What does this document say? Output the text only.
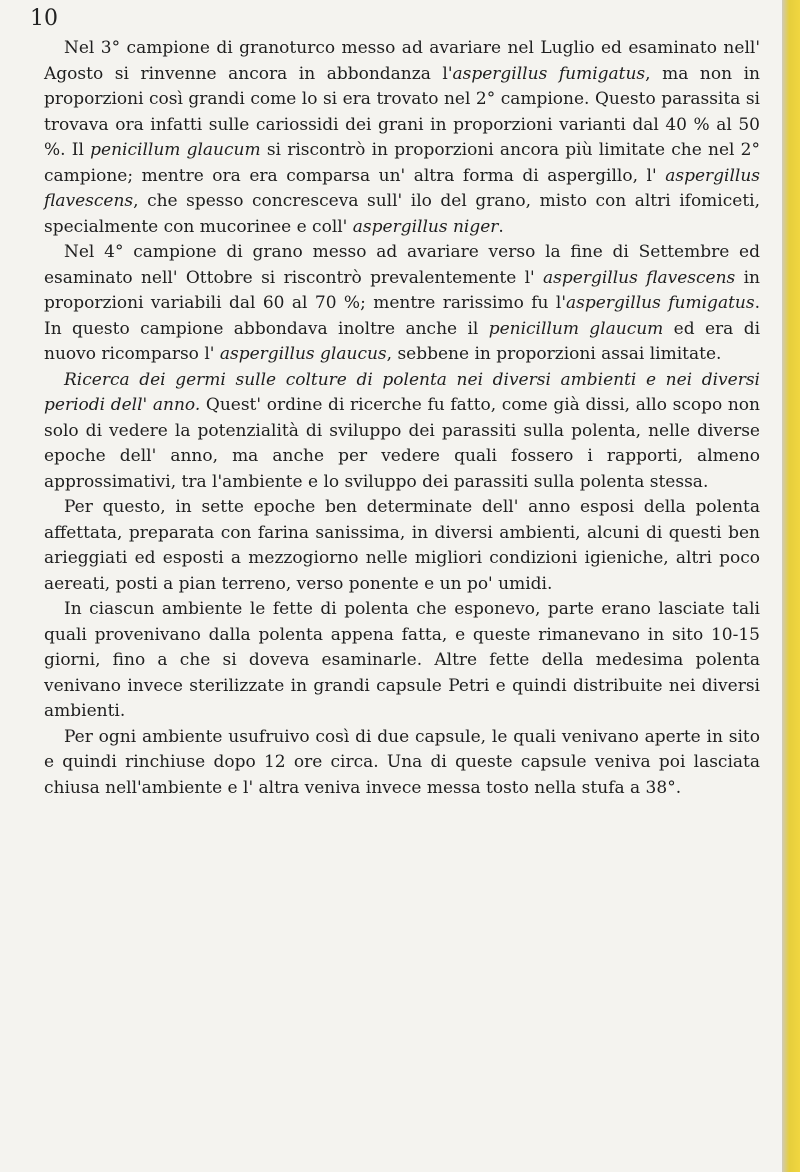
10

Nel 3° campione di granoturco messo ad avariare nel Luglio ed esaminato nell' Agosto si rinvenne ancora in abbondanza l'aspergillus fumigatus, ma non in proporzioni così grandi come lo si era trovato nel 2° campione. Questo parassita si trovava ora infatti sulle cariossidi dei grani in proporzioni varianti dal 40 % al 50 %. Il penicillum glaucum si riscontrò in proporzioni ancora più limitate che nel 2° campione; mentre ora era comparsa un' altra forma di aspergillo, l' aspergillus flavescens, che spesso concresceva sull' ilo del grano, misto con altri ifomiceti, specialmente con mucorinee e coll' aspergillus niger.

Nel 4° campione di grano messo ad avariare verso la fine di Settembre ed esaminato nell' Ottobre si riscontrò prevalentemente l' aspergillus flavescens in proporzioni variabili dal 60 al 70 %; mentre rarissimo fu l'aspergillus fumigatus. In questo campione abbondava inoltre anche il penicillum glaucum ed era di nuovo ricomparso l' aspergillus glaucus, sebbene in proporzioni assai limitate.

Ricerca dei germi sulle colture di polenta nei diversi ambienti e nei diversi periodi dell' anno. Quest' ordine di ricerche fu fatto, come già dissi, allo scopo non solo di vedere la potenzialità di sviluppo dei parassiti sulla polenta, nelle diverse epoche dell' anno, ma anche per vedere quali fossero i rapporti, almeno approssimativi, tra l'ambiente e lo sviluppo dei parassiti sulla polenta stessa.

Per questo, in sette epoche ben determinate dell' anno esposi della polenta affettata, preparata con farina sanissima, in diversi ambienti, alcuni di questi ben arieggiati ed esposti a mezzogiorno nelle migliori condizioni igieniche, altri poco aereati, posti a pian terreno, verso ponente e un po' umidi.

In ciascun ambiente le fette di polenta che esponevo, parte erano lasciate tali quali provenivano dalla polenta appena fatta, e queste rimanevano in sito 10-15 giorni, fino a che si doveva esaminarle. Altre fette della medesima polenta venivano invece sterilizzate in grandi capsule Petri e quindi distribuite nei diversi ambienti.

Per ogni ambiente usufruivo così di due capsule, le quali venivano aperte in sito e quindi rinchiuse dopo 12 ore circa. Una di queste capsule veniva poi lasciata chiusa nell'ambiente e l' altra veniva invece messa tosto nella stufa a 38°.
